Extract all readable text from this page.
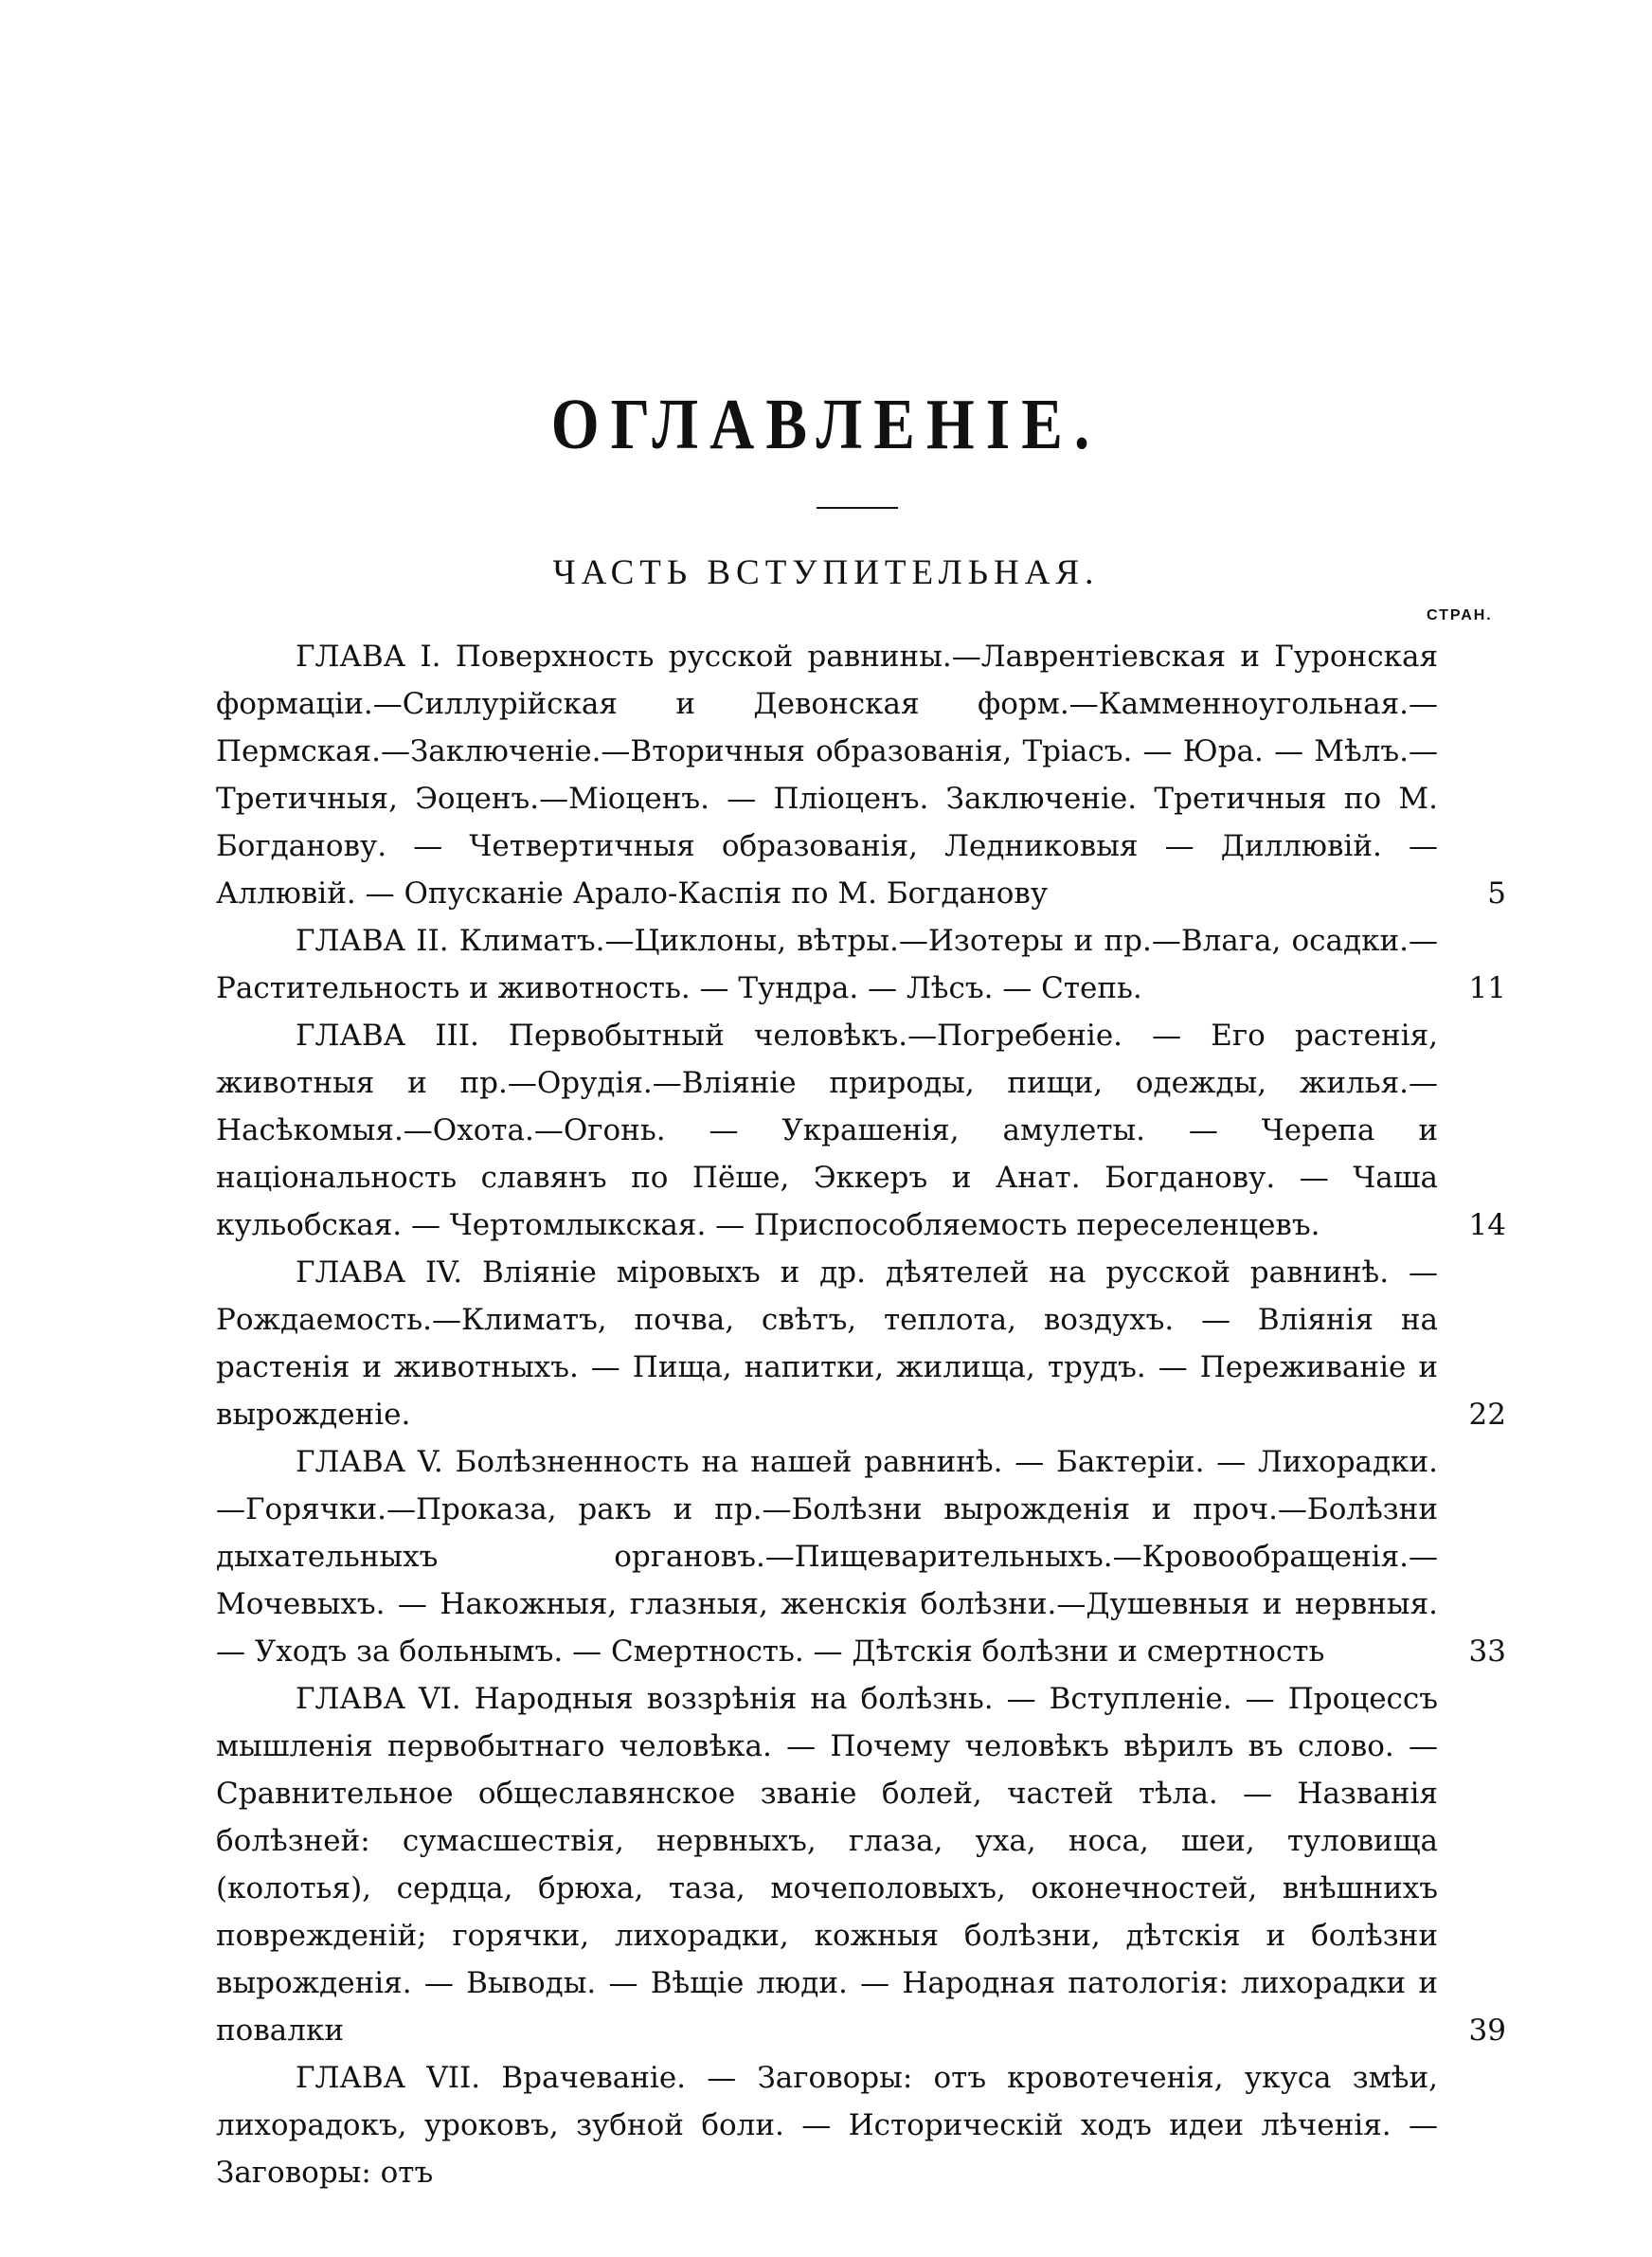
ОГЛАВЛЕНІЕ.
ЧАСТЬ ВСТУПИТЕЛЬНАЯ.
СТРАН.
ГЛАВА I. Поверхность русской равнины.—Лаврентіевская и Гуронская формаціи.—Силлурійская и Девонская форм.—Камменноугольная.—Пермская.—Заключеніе.—Вторичныя образованія, Тріасъ. — Юра. — Мѣлъ.—Третичныя, Эоценъ.—Міоценъ. — Пліоценъ. Заключеніе. Третичныя по М. Богданову. — Четвертичныя образованія, Ледниковыя — Диллювій. — Аллювій. — Опусканіе Арало-Каспія по М. Богданову	5
ГЛАВА II. Климатъ.—Циклоны, вѣтры.—Изотеры и пр.—Влага, осадки.—Растительность и животность. — Тундра. — Лѣсъ. — Степь.	11
ГЛАВА III. Первобытный человѣкъ.—Погребеніе. — Его растенія, животныя и пр.—Орудія.—Вліяніе природы, пищи, одежды, жилья.—Насѣкомыя.—Охота.—Огонь. — Украшенія, амулеты. — Черепа и національность славянъ по Пёше, Эккеръ и Анат. Богданову. — Чаша кульобская. — Чертомлыкская. — Приспособляемость переселенцевъ.	14
ГЛАВА IV. Вліяніе міровыхъ и др. дѣятелей на русской равнинѣ. — Рождаемость.—Климатъ, почва, свѣтъ, теплота, воздухъ. — Вліянія на растенія и животныхъ. — Пища, напитки, жилища, трудъ. — Переживаніе и вырожденіе.	22
ГЛАВА V. Болѣзненность на нашей равнинѣ. — Бактеріи. — Лихорадки.—Горячки.—Проказа, ракъ и пр.—Болѣзни вырожденія и проч.—Болѣзни дыхательныхъ органовъ.—Пищеварительныхъ.—Кровообращенія.—Мочевыхъ. — Накожныя, глазныя, женскія болѣзни.—Душевныя и нервныя. — Уходъ за больнымъ. — Смертность. — Дѣтскія болѣзни и смертность	33
ГЛАВА VI. Народныя воззрѣнія на болѣзнь. — Вступленіе. — Процессъ мышленія первобытнаго человѣка. — Почему человѣкъ вѣрилъ въ слово. — Сравнительное общеславянское званіе болей, частей тѣла. — Названія болѣзней: сумасшествія, нервныхъ, глаза, уха, носа, шеи, туловища (колотья), сердца, брюха, таза, мочеполовыхъ, оконечностей, внѣшнихъ поврежденій; горячки, лихорадки, кожныя болѣзни, дѣтскія и болѣзни вырожденія. — Выводы. — Вѣщіе люди. — Народная патологія: лихорадки и повалки	39
ГЛАВА VII. Врачеваніе. — Заговоры: отъ кровотеченія, укуса змѣи, лихорадокъ, уроковъ, зубной боли. — Историческій ходъ идеи лѣченія. — Заговоры: отъ
